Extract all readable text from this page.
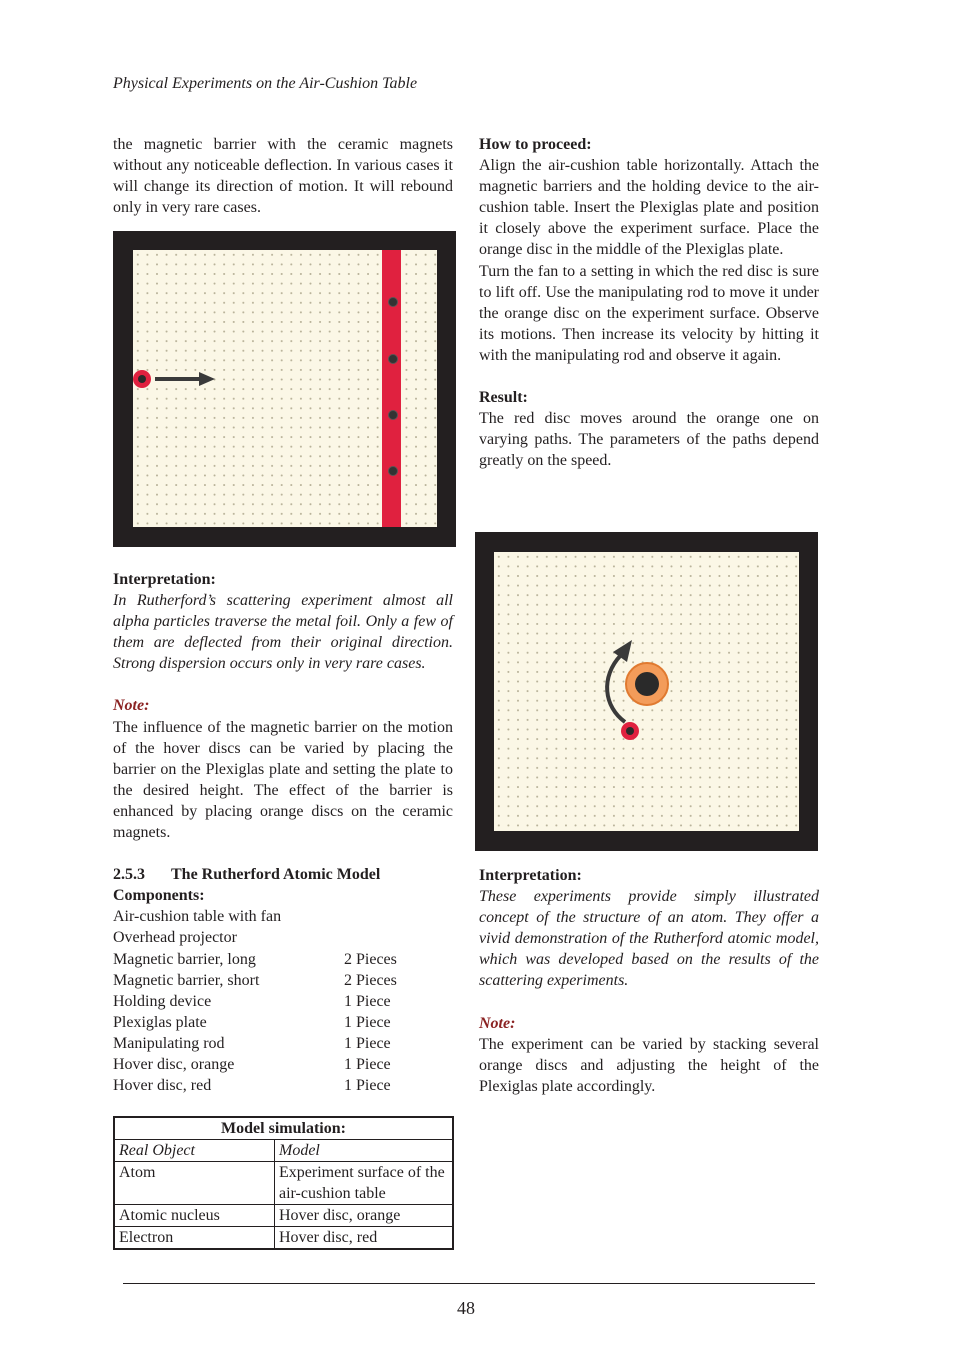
Physical Experiments on the Air-Cushion Table

the magnetic barrier with the ceramic magnets without any noticeable deflection. In various cases it will change its direction of motion. It will rebound only in very rare cases.

Interpretation:

In Rutherford’s scattering experiment almost all alpha particles traverse the metal foil. Only a few of them are deflected from their original direction. Strong dispersion occurs only in very rare cases.

Note:

The influence of the magnetic barrier on the motion of the hover discs can be varied by placing the barrier on the Plexiglas plate and setting the plate to the desired height. The effect of the barrier is enhanced by placing orange discs on the ceramic magnets.

2.5.3	The Rutherford Atomic Model

Components:

Air-cushion table with fan
Overhead projector
Magnetic barrier, long	2 Pieces
Magnetic barrier, short	2 Pieces
Holding device	1 Piece
Plexiglas plate	1 Piece
Manipulating rod	1 Piece
Hover disc, orange	1 Piece
Hover disc, red	1 Piece
Model simulation:	
Real Object	Model
Atom	Experiment surface of the air-cushion table
Atomic nucleus	Hover disc, orange
Electron	Hover disc, red

How to proceed:

Align the air-cushion table horizontally. Attach the magnetic barriers and the holding device to the air-cushion table. Insert the Plexiglas plate and position it closely above the experiment surface. Place the orange disc in the middle of the Plexiglas plate.

Turn the fan to a setting in which the red disc is sure to lift off. Use the manipulating rod to move it under the orange disc on the experiment surface. Observe its motions. Then increase its velocity by hitting it with the manipulating rod and observe it again.

Result:

The red disc moves around the orange one on varying paths. The parameters of the paths depend greatly on the speed.

Interpretation:

These experiments provide simply illustrated concept of the structure of an atom. They offer a vivid demonstration of the Rutherford atomic model, which was developed based on the results of the scattering experiments.

Note:

The experiment can be varied by stacking several orange discs and adjusting the height of the Plexiglas plate accordingly.

48
